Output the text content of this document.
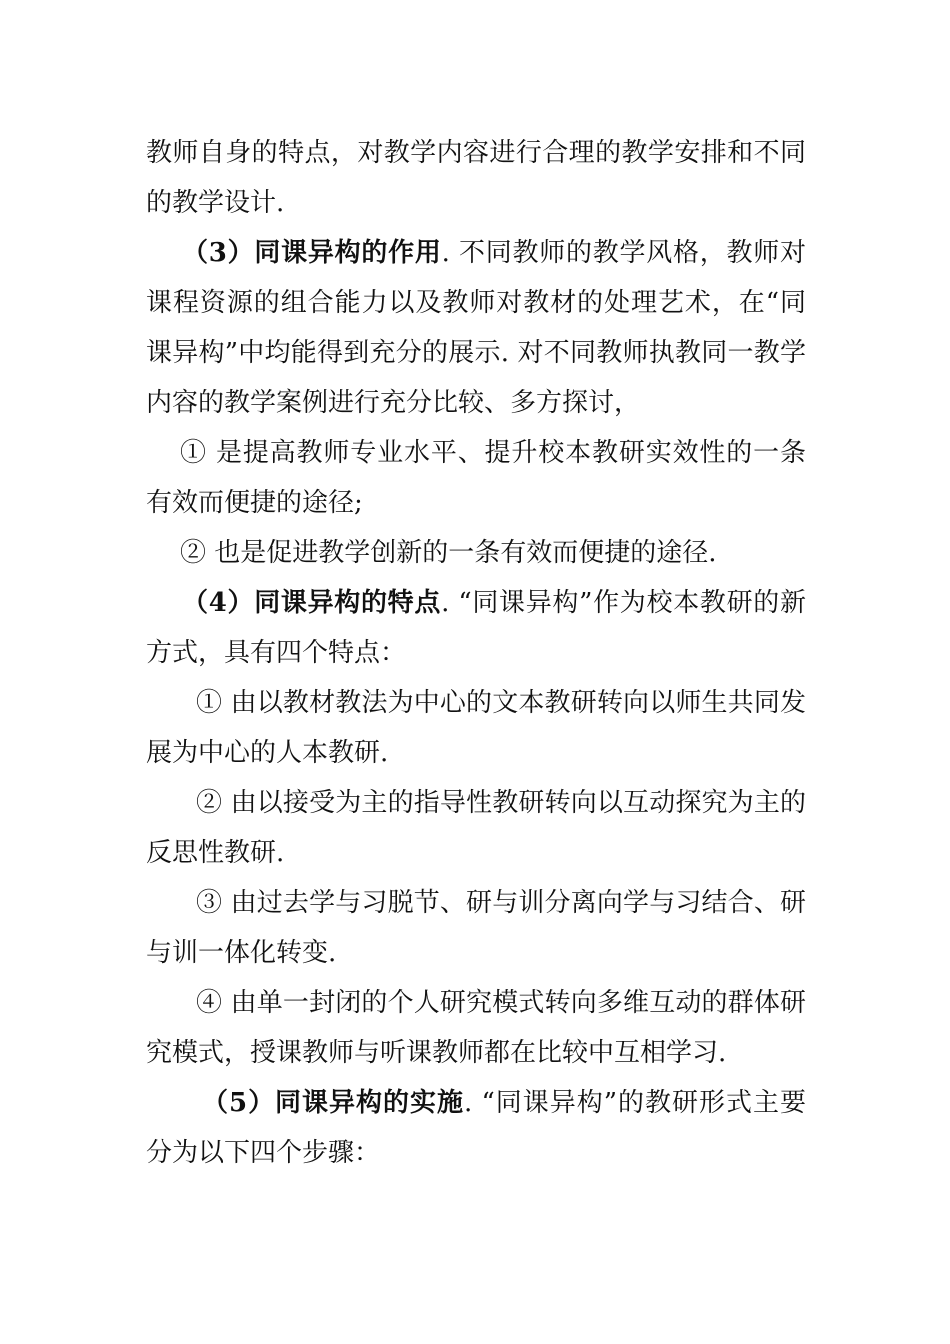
教师自身的特点，对教学内容进行合理的教学安排和不同的教学设计.

（3）同课异构的作用. 不同教师的教学风格，教师对课程资源的组合能力以及教师对教材的处理艺术，在“同课异构”中均能得到充分的展示. 对不同教师执教同一教学内容的教学案例进行充分比较、多方探讨，

① 是提高教师专业水平、提升校本教研实效性的一条有效而便捷的途径;

② 也是促进教学创新的一条有效而便捷的途径.

（4）同课异构的特点. “同课异构”作为校本教研的新方式，具有四个特点：

① 由以教材教法为中心的文本教研转向以师生共同发展为中心的人本教研.

② 由以接受为主的指导性教研转向以互动探究为主的反思性教研.

③ 由过去学与习脱节、研与训分离向学与习结合、研与训一体化转变.

④ 由单一封闭的个人研究模式转向多维互动的群体研究模式，授课教师与听课教师都在比较中互相学习.

（5）同课异构的实施. “同课异构”的教研形式主要分为以下四个步骤：
